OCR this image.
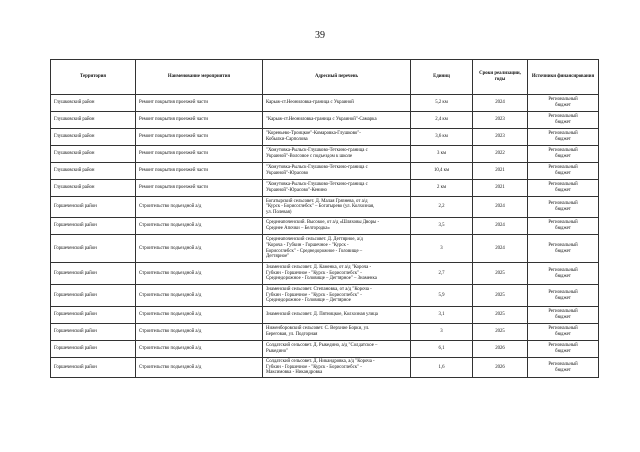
39
Территория	Наименование мероприятия	Адресный перечень	Единиц	Сроки реализации, годы	Источники финансирования
Глушковский район	Ремонт покрытия проезжей части	Карыж-ст.Неониловка-граница с Украиной	5,2 км	2024	Региональный
бюджет
Глушковский район	Ремонт покрытия проезжей части	"Карыж-ст.Неониловка-граница с Украиной"-Самарка	2,4 км	2023	Региональный
бюджет
Глушковский район	Ремонт покрытия проезжей части	"Кореньево-Троицкое"-Комаровка-Глушково"-
Кобылки-Сарполова	3,6 км	2023	Региональный
бюджет
Глушковский район	Ремонт покрытия проезжей части	"Хомутовка-Рыльск-Глушково-Теткино-граница с
Украиной"-Волсовое с подъездом к школе	3 км	2022	Региональный
бюджет
Глушковский район	Ремонт покрытия проезжей части	"Хомутовка-Рыльск-Глушково-Теткино-граница с
Украиной"-Юрасово	10,4 км	2021	Региональный
бюджет
Глушковский район	Ремонт покрытия проезжей части	"Хомутовка-Рыльск-Глушково-Теткино-граница с
Украиной"-Юрасово"-Кенино	2 км	2021	Региональный
бюджет
Горшеченский район	Строительство подъездной а/д	Богатырский сельсовет. Д. Малая Грязнева, от а/д
"Курск - Борисоглебск" – Богатырево (ул. Колхозная,
ул. Полевая)	2,2	2024	Региональный
бюджет
Горшеченский район	Строительство подъездной а/д	Среднеапоченский. Высокое, от а/д «Шляховы Дворы -
Среднее Апочки – Белгородка»	3,5	2024	Региональный
бюджет
Горшеченский район	Строительство подъездной а/д	Среднеапоченский сельсовет. Д. Дегтярное, а/д
"Короча - Губкин - Горшечное - "Курск -
Борисоглебск" - Среднедорожное - Головище –
Дегтярное"	3	2024	Региональный
бюджет
Горшеченский район	Строительство подъездной а/д	Знаменский сельсовет. Д. Каменка, от а/д "Короча -
Губкин - Горшечное - "Курск - Борисоглебск" -
Среднедорожное - Головище – Дегтярное" – Знаменка	2,7	2025	Региональный
бюджет
Горшеченский район	Строительство подъездной а/д	Знаменский сельсовет. Степановка, от а/д "Короча -
Губкин - Горшечное - "Курск - Борисоглебск" -
Среднедорожное - Головище – Дегтярное	5,9	2025	Региональный
бюджет
Горшеченский район	Строительство подъездной а/д	Знаменский сельсовет. Д. Пятницкое, Колхозная улица	3,1	2025	Региональный
бюджет
Горшеченский район	Строительство подъездной а/д	Ниженборовский сельсовет. С. Верхние Борки, ул.
Береговая, ул. Подгорная	3	2025	Региональный
бюджет
Горшеченский район	Строительство подъездной а/д	Солдатский сельсовет. Д. Рыкедино, а/д "Солдатское –
Рыкедино"	6,1	2026	Региональный
бюджет
Горшеченский район	Строительство подъездной а/д	Солдатский сельсовет. Д. Никандровка, а/д "Короча -
Губкин - Горшечное - "Курск - Борисоглебск" -
Максимовка - Никандровка	1,6	2026	Региональный
бюджет
